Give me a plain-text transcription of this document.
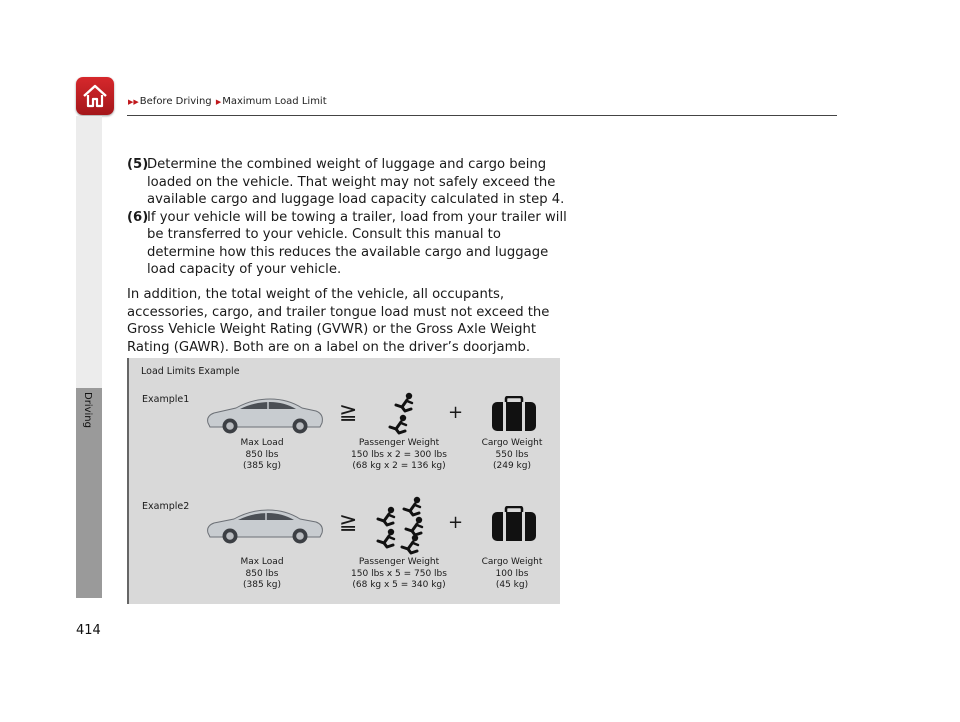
▶▶Before Driving ▶Maximum Load Limit
Driving
414
(5)
Determine the combined weight of luggage and cargo being loaded on the vehicle. That weight may not safely exceed the available cargo and luggage load capacity calculated in step 4.
(6)
If your vehicle will be towing a trailer, load from your trailer will be transferred to your vehicle. Consult this manual to determine how this reduces the available cargo and luggage load capacity of your vehicle.
In addition, the total weight of the vehicle, all occupants, accessories, cargo, and trailer tongue load must not exceed the Gross Vehicle Weight Rating (GVWR) or the Gross Axle Weight Rating (GAWR). Both are on a label on the driver’s doorjamb.
Load Limits Example
Example1
≧	+
Max Load
850 lbs
(385 kg)
Passenger Weight
150 lbs x 2 = 300 lbs
(68 kg x 2 = 136 kg)
Cargo Weight
550 lbs
(249 kg)
Example2
≧	+
Max Load
850 lbs
(385 kg)
Passenger Weight
150 lbs x 5 = 750 lbs
(68 kg x 5 = 340 kg)
Cargo Weight
100 lbs
(45 kg)
